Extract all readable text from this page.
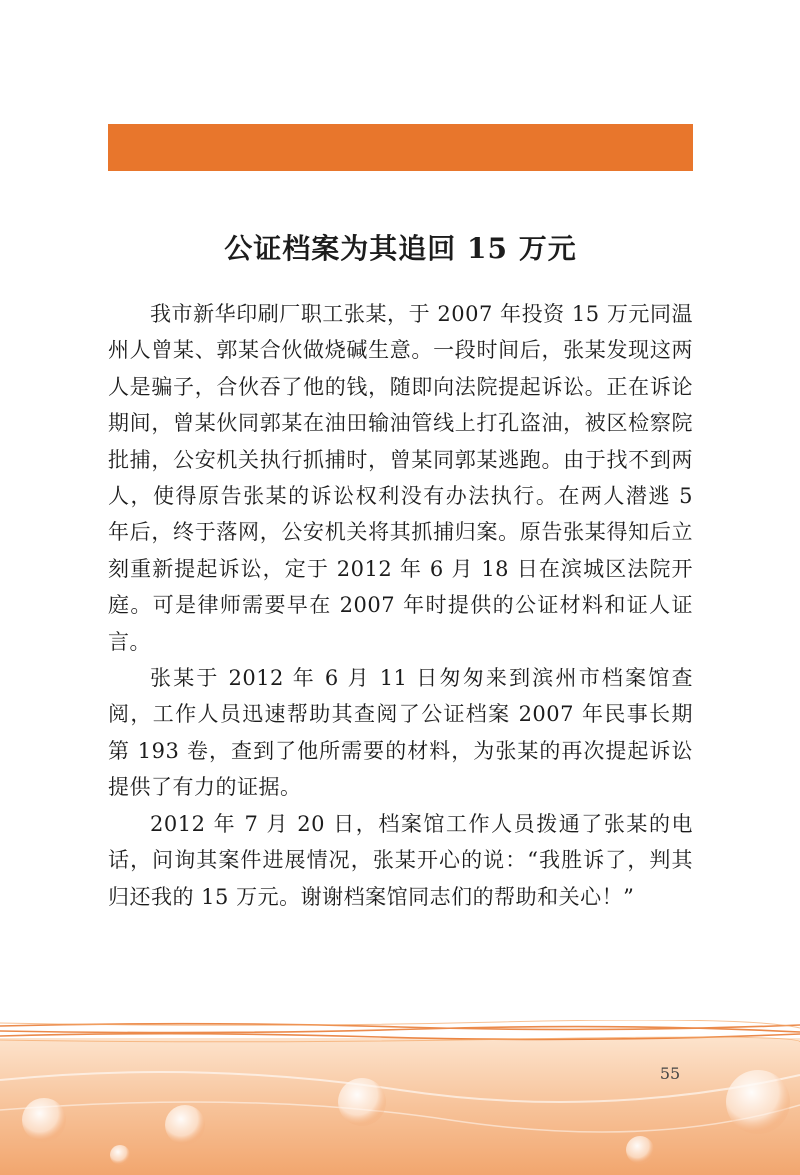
公证档案为其追回 15 万元

我市新华印刷厂职工张某，于 2007 年投资 15 万元同温州人曾某、郭某合伙做烧碱生意。一段时间后，张某发现这两人是骗子，合伙吞了他的钱，随即向法院提起诉讼。正在诉论期间，曾某伙同郭某在油田输油管线上打孔盗油，被区检察院批捕，公安机关执行抓捕时，曾某同郭某逃跑。由于找不到两人，使得原告张某的诉讼权利没有办法执行。在两人潜逃 5 年后，终于落网，公安机关将其抓捕归案。原告张某得知后立刻重新提起诉讼，定于 2012 年 6 月 18 日在滨城区法院开庭。可是律师需要早在 2007 年时提供的公证材料和证人证言。

张某于 2012 年 6 月 11 日匆匆来到滨州市档案馆查阅，工作人员迅速帮助其查阅了公证档案 2007 年民事长期第 193 卷，查到了他所需要的材料，为张某的再次提起诉讼提供了有力的证据。

2012 年 7 月 20 日，档案馆工作人员拨通了张某的电话，问询其案件进展情况，张某开心的说：“我胜诉了，判其归还我的 15 万元。谢谢档案馆同志们的帮助和关心！”

55
